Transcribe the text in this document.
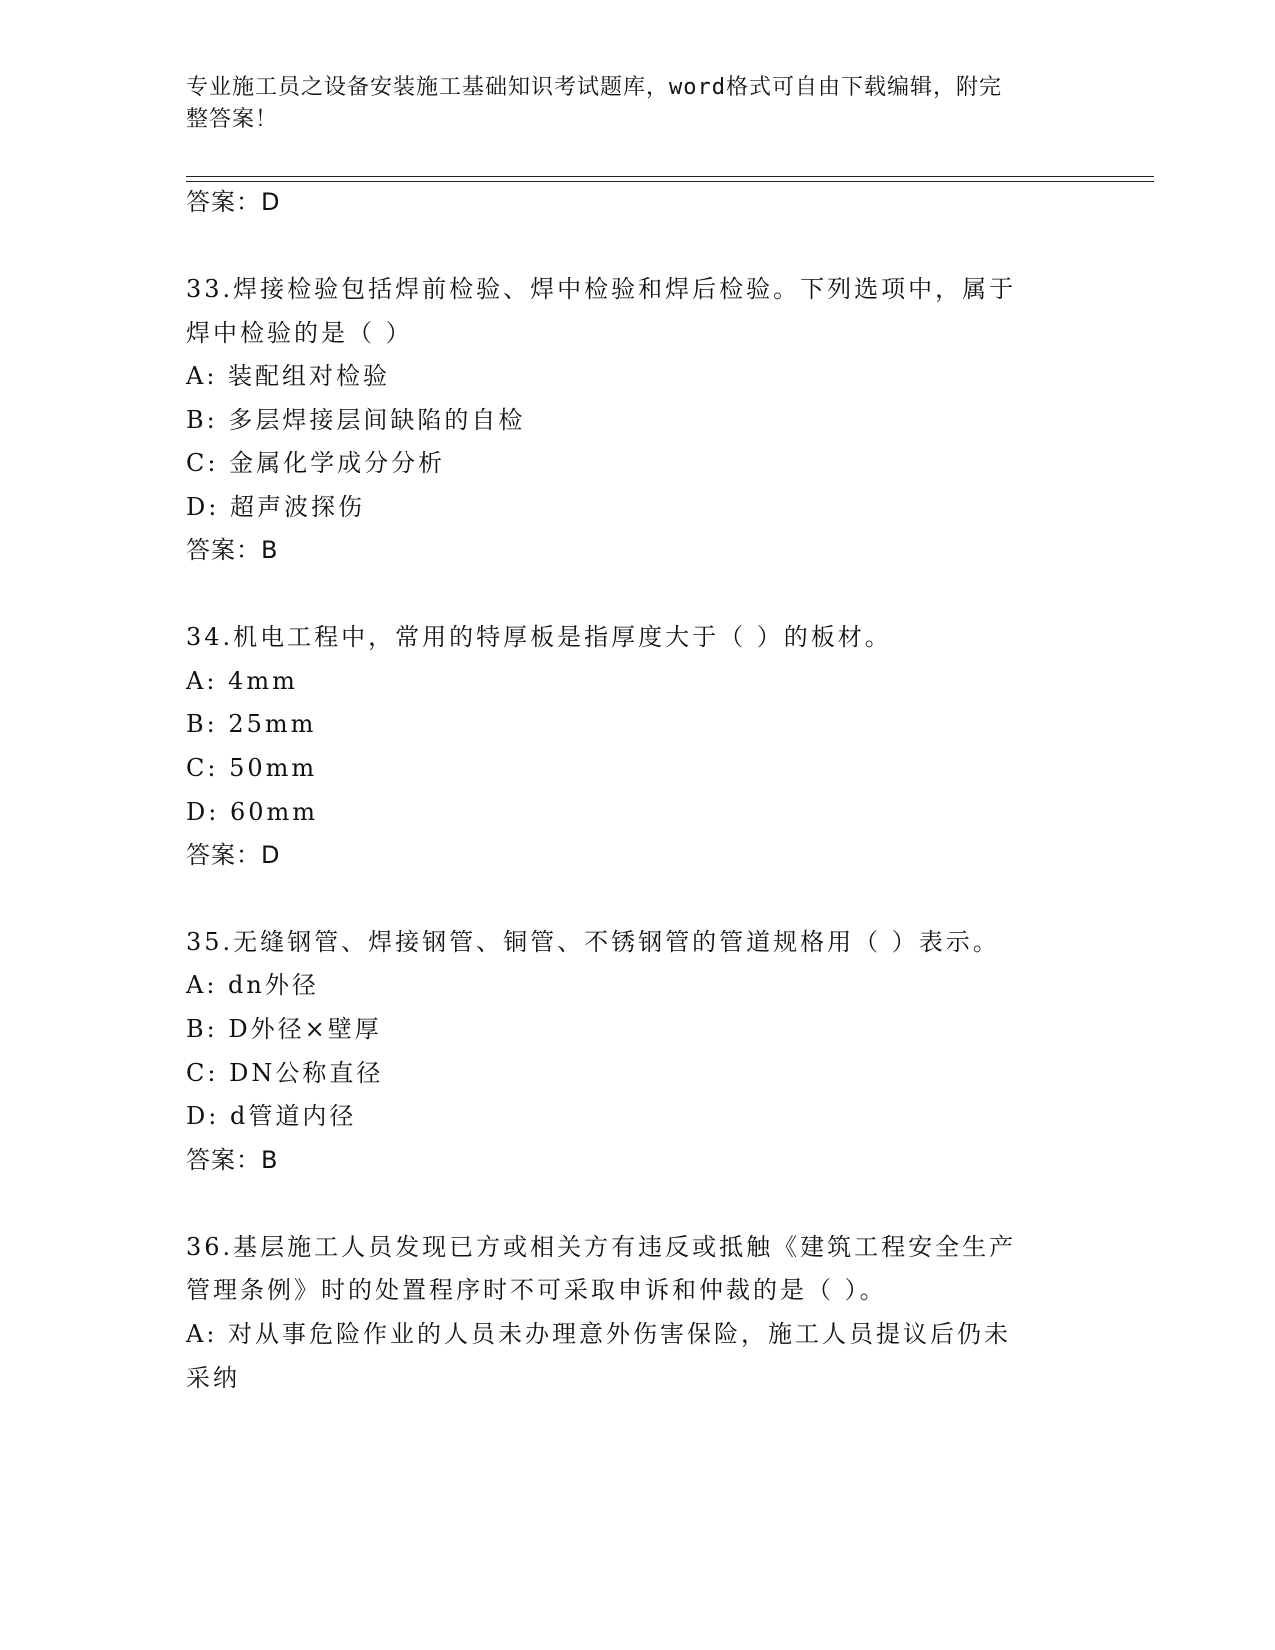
专业施工员之设备安装施工基础知识考试题库，word格式可自由下载编辑，附完
整答案！
答案：D
33.焊接检验包括焊前检验、焊中检验和焊后检验。下列选项中，属于
焊中检验的是（ ）
A: 装配组对检验
B: 多层焊接层间缺陷的自检
C: 金属化学成分分析
D: 超声波探伤
答案：B
34.机电工程中，常用的特厚板是指厚度大于（ ）的板材。
A: 4mm
B: 25mm
C: 50mm
D: 60mm
答案：D
35.无缝钢管、焊接钢管、铜管、不锈钢管的管道规格用（ ）表示。
A: dn外径
B: D外径×壁厚
C: DN公称直径
D: d管道内径
答案：B
36.基层施工人员发现已方或相关方有违反或抵触《建筑工程安全生产
管理条例》时的处置程序时不可采取申诉和仲裁的是（ ）。
A: 对从事危险作业的人员未办理意外伤害保险，施工人员提议后仍未
采纳
